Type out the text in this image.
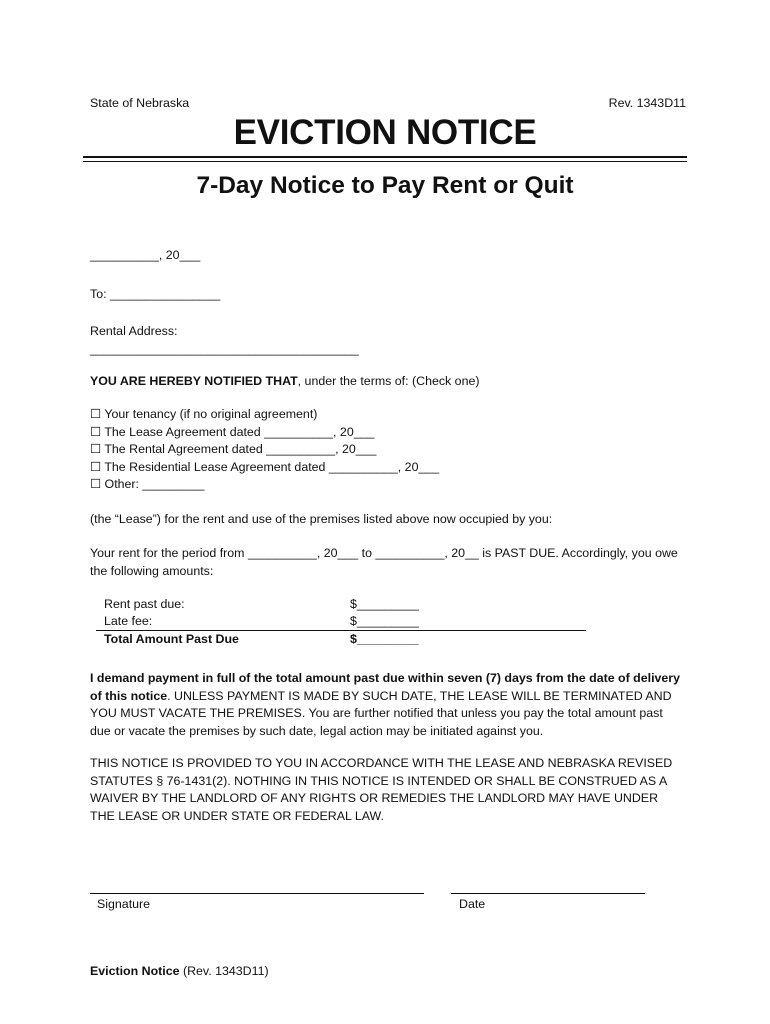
State of Nebraska	Rev. 1343D11
EVICTION NOTICE
7-Day Notice to Pay Rent or Quit
__________, 20___
To: ________________
Rental Address:
_______________________________________
YOU ARE HEREBY NOTIFIED THAT, under the terms of: (Check one)
☐ Your tenancy (if no original agreement)
☐ The Lease Agreement dated __________, 20___
☐ The Rental Agreement dated __________, 20___
☐ The Residential Lease Agreement dated __________, 20___
☐ Other: _________
(the “Lease”) for the rent and use of the premises listed above now occupied by you:
Your rent for the period from __________, 20___ to __________, 20__ is PAST DUE. Accordingly, you owe the following amounts:
Rent past due:	$_________
Late fee:	$_________
Total Amount Past Due	$_________
I demand payment in full of the total amount past due within seven (7) days from the date of delivery of this notice. UNLESS PAYMENT IS MADE BY SUCH DATE, THE LEASE WILL BE TERMINATED AND YOU MUST VACATE THE PREMISES. You are further notified that unless you pay the total amount past due or vacate the premises by such date, legal action may be initiated against you.
THIS NOTICE IS PROVIDED TO YOU IN ACCORDANCE WITH THE LEASE AND NEBRASKA REVISED STATUTES § 76-1431(2). NOTHING IN THIS NOTICE IS INTENDED OR SHALL BE CONSTRUED AS A WAIVER BY THE LANDLORD OF ANY RIGHTS OR REMEDIES THE LANDLORD MAY HAVE UNDER THE LEASE OR UNDER STATE OR FEDERAL LAW.
Signature	Date
Eviction Notice (Rev. 1343D11)
